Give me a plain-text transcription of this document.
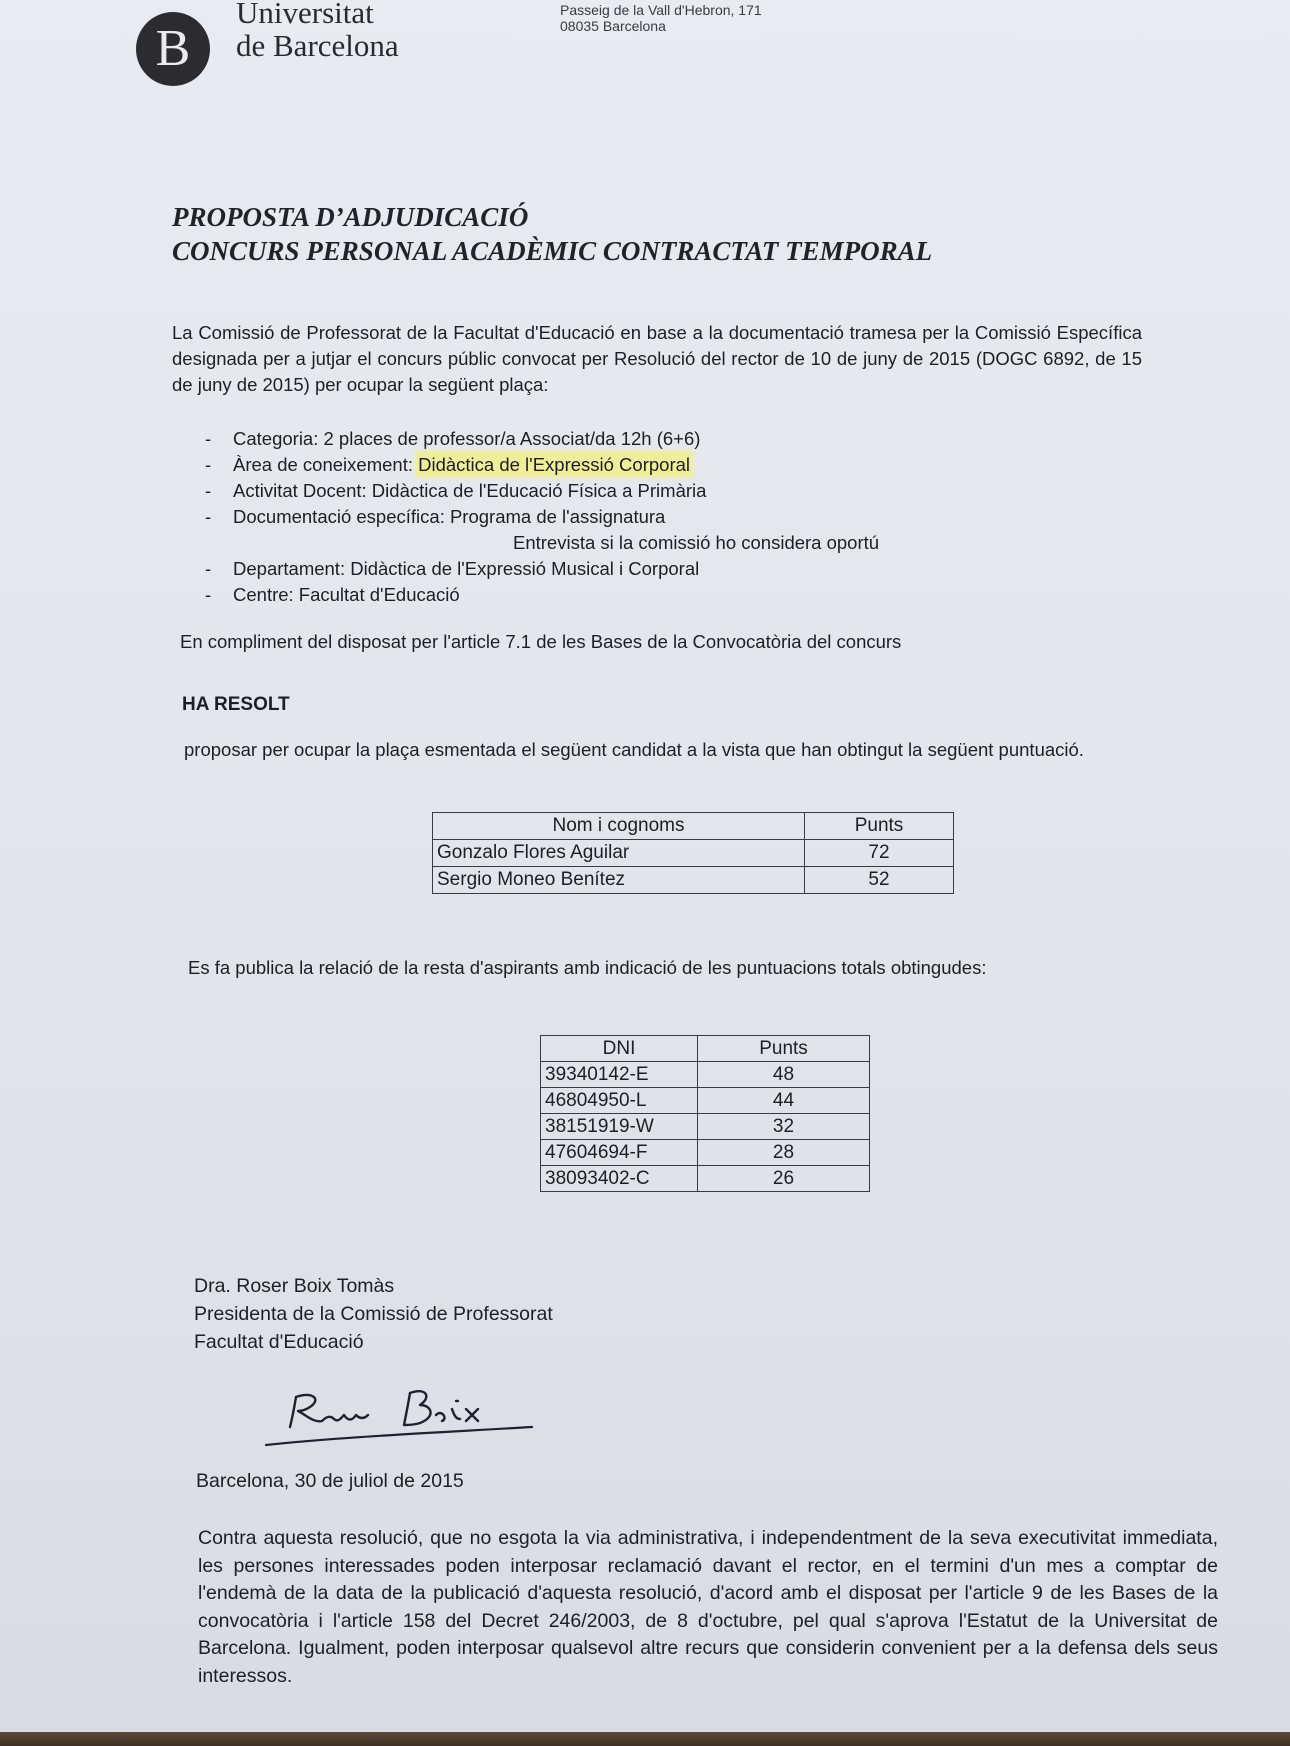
B
Universitat
de Barcelona
Passeig de la Vall d'Hebron, 171
08035 Barcelona
PROPOSTA D’ADJUDICACIÓ
CONCURS PERSONAL ACADÈMIC CONTRACTAT TEMPORAL
La Comissió de Professorat de la Facultat d'Educació en base a la documentació tramesa per la Comissió Específica designada per a jutjar el concurs públic convocat per Resolució del rector de 10 de juny de 2015 (DOGC 6892, de 15 de juny de 2015) per ocupar la següent plaça:
- Categoria: 2 places de professor/a Associat/da 12h (6+6)
- Àrea de coneixement: Didàctica de l'Expressió Corporal
- Activitat Docent: Didàctica de l'Educació Física a Primària
- Documentació específica: Programa de l'assignatura
Entrevista si la comissió ho considera oportú
- Departament: Didàctica de l'Expressió Musical i Corporal
- Centre: Facultat d'Educació
En compliment del disposat per l'article 7.1 de les Bases de la Convocatòria del concurs
HA RESOLT
proposar per ocupar la plaça esmentada el següent candidat a la vista que han obtingut la següent puntuació.
Nom i cognoms	Punts
Gonzalo Flores Aguilar	72
Sergio Moneo Benítez	52
Es fa publica la relació de la resta d'aspirants amb indicació de les puntuacions totals obtingudes:
DNI	Punts
39340142-E	48
46804950-L	44
38151919-W	32
47604694-F	28
38093402-C	26
Dra. Roser Boix Tomàs
Presidenta de la Comissió de Professorat
Facultat d'Educació
Barcelona, 30 de juliol de 2015
Contra aquesta resolució, que no esgota la via administrativa, i independentment de la seva executivitat immediata, les persones interessades poden interposar reclamació davant el rector, en el termini d'un mes a comptar de l'endemà de la data de la publicació d'aquesta resolució, d'acord amb el disposat per l'article 9 de les Bases de la convocatòria i l'article 158 del Decret 246/2003, de 8 d'octubre, pel qual s'aprova l'Estatut de la Universitat de Barcelona. Igualment, poden interposar qualsevol altre recurs que considerin convenient per a la defensa dels seus interessos.
